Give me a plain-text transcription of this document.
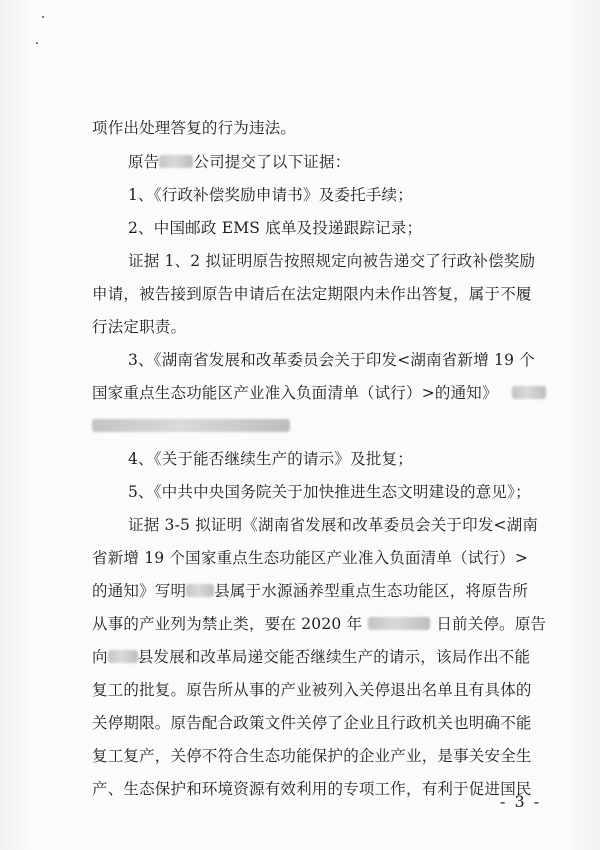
项作出处理答复的行为违法。
原告 公司提交了以下证据：
1、《行政补偿奖励申请书》及委托手续；
2、中国邮政 EMS 底单及投递跟踪记录；
证据 1、2 拟证明原告按照规定向被告递交了行政补偿奖励
申请，被告接到原告申请后在法定期限内未作出答复，属于不履
行法定职责。
3、《湖南省发展和改革委员会关于印发<湖南省新增 19 个
国家重点生态功能区产业准入负面清单（试行）>的通知》
4、《关于能否继续生产的请示》及批复；
5、《中共中央国务院关于加快推进生态文明建设的意见》；
证据 3-5 拟证明《湖南省发展和改革委员会关于印发<湖南
省新增 19 个国家重点生态功能区产业准入负面清单（试行）>
的通知》写明 县属于水源涵养型重点生态功能区，将原告所
从事的产业列为禁止类，要在 2020 年	日前关停。原告
向 县发展和改革局递交能否继续生产的请示，该局作出不能
复工的批复。原告所从事的产业被列入关停退出名单且有具体的
关停期限。原告配合政策文件关停了企业且行政机关也明确不能
复工复产，关停不符合生态功能保护的企业产业，是事关安全生
产、生态保护和环境资源有效利用的专项工作，有利于促进国民
- 3 -
